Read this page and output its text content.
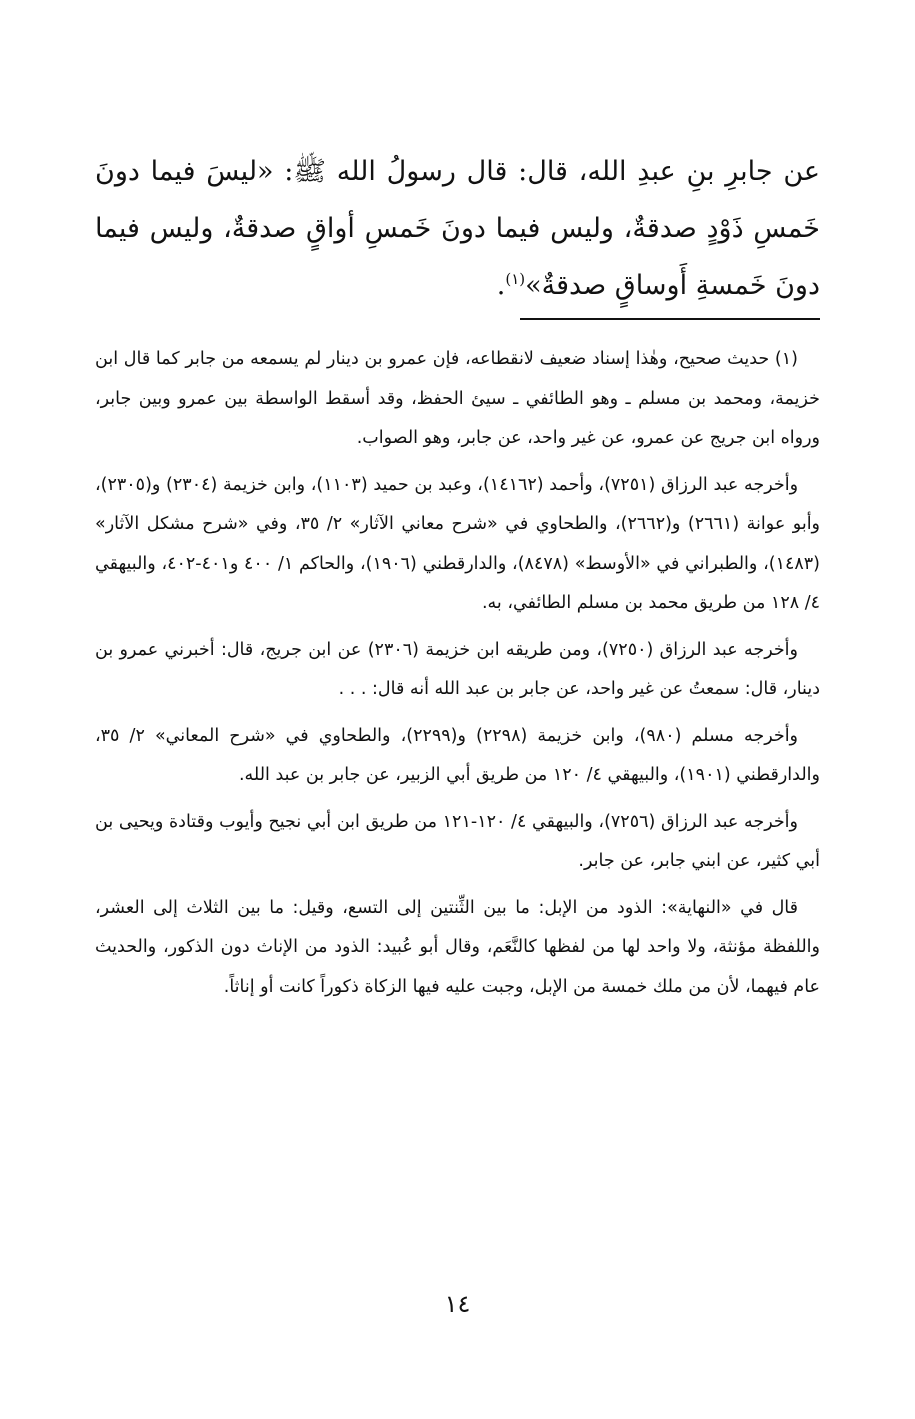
عن جابرِ بنِ عبدِ الله، قال: قال رسولُ الله ﷺ: «ليسَ فيما دونَ خَمسِ ذَوْدٍ صدقةٌ، وليس فيما دونَ خَمسِ أواقٍ صدقةٌ، وليس فيما دونَ خَمسةِ أَوساقٍ صدقةٌ»$^{(١)}$.

(١) حديث صحيح، وهٰذا إسناد ضعيف لانقطاعه، فإن عمرو بن دينار لم يسمعه من جابر كما قال ابن خزيمة، ومحمد بن مسلم ـ وهو الطائفي ـ سيئ الحفظ، وقد أسقط الواسطة بين عمرو وبين جابر، ورواه ابن جريج عن عمرو، عن غير واحد، عن جابر، وهو الصواب.

وأخرجه عبد الرزاق (٧٢٥١)، وأحمد (١٤١٦٢)، وعبد بن حميد (١١٠٣)، وابن خزيمة (٢٣٠٤) و(٢٣٠٥)، وأبو عوانة (٢٦٦١) و(٢٦٦٢)، والطحاوي في «شرح معاني الآثار» ٢/ ٣٥، وفي «شرح مشكل الآثار» (١٤٨٣)، والطبراني في «الأوسط» (٨٤٧٨)، والدارقطني (١٩٠٦)، والحاكم ١/ ٤٠٠ و٤٠١-٤٠٢، والبيهقي ٤/ ١٢٨ من طريق محمد بن مسلم الطائفي، به.

وأخرجه عبد الرزاق (٧٢٥٠)، ومن طريقه ابن خزيمة (٢٣٠٦) عن ابن جريج، قال: أخبرني عمرو بن دينار، قال: سمعتُ عن غير واحد، عن جابر بن عبد الله أنه قال: . . .

وأخرجه مسلم (٩٨٠)، وابن خزيمة (٢٢٩٨) و(٢٢٩٩)، والطحاوي في «شرح المعاني» ٢/ ٣٥، والدارقطني (١٩٠١)، والبيهقي ٤/ ١٢٠ من طريق أبي الزبير، عن جابر بن عبد الله.

وأخرجه عبد الرزاق (٧٢٥٦)، والبيهقي ٤/ ١٢٠-١٢١ من طريق ابن أبي نجيح وأيوب وقتادة ويحيى بن أبي كثير، عن ابني جابر، عن جابر.

قال في «النهاية»: الذود من الإبل: ما بين الثِّنتين إلى التسع، وقيل: ما بين الثلاث إلى العشر، واللفظة مؤنثة، ولا واحد لها من لفظها كالنَّعَم، وقال أبو عُبيد: الذود من الإناث دون الذكور، والحديث عام فيهما، لأن من ملك خمسة من الإبل، وجبت عليه فيها الزكاة ذكوراً كانت أو إناثاً.

١٤
